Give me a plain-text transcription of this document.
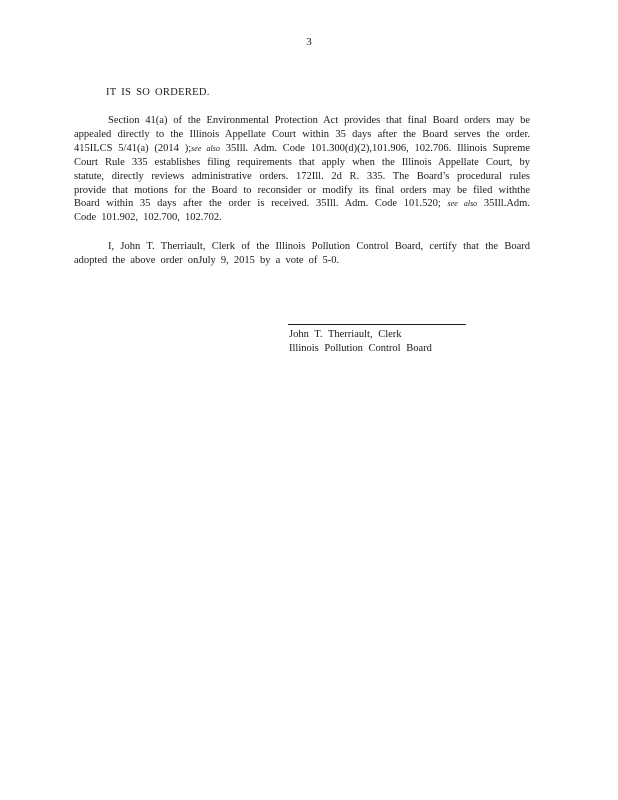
3
IT IS SO ORDERED.
Section 41(a) of the Environmental Protection Act provides that final Board orders may be appealed directly to the Illinois Appellate Court within 35 days after the Board serves the order. 415ILCS 5/41(a) (2014 );see also 35Ill. Adm. Code 101.300(d)(2),101.906, 102.706. Illinois Supreme Court Rule 335 establishes filing requirements that apply when the Illinois Appellate Court, by statute, directly reviews administrative orders. 172Ill. 2d R. 335. The Board’s procedural rules provide that motions for the Board to reconsider or modify its final orders may be filed withthe Board within 35 days after the order is received. 35Ill. Adm. Code 101.520; see also 35Ill.Adm. Code 101.902, 102.700, 102.702.
I, John T. Therriault, Clerk of the Illinois Pollution Control Board, certify that the Board adopted the above order onJuly 9, 2015 by a vote of 5-0.
John T. Therriault, Clerk
Illinois Pollution Control Board
